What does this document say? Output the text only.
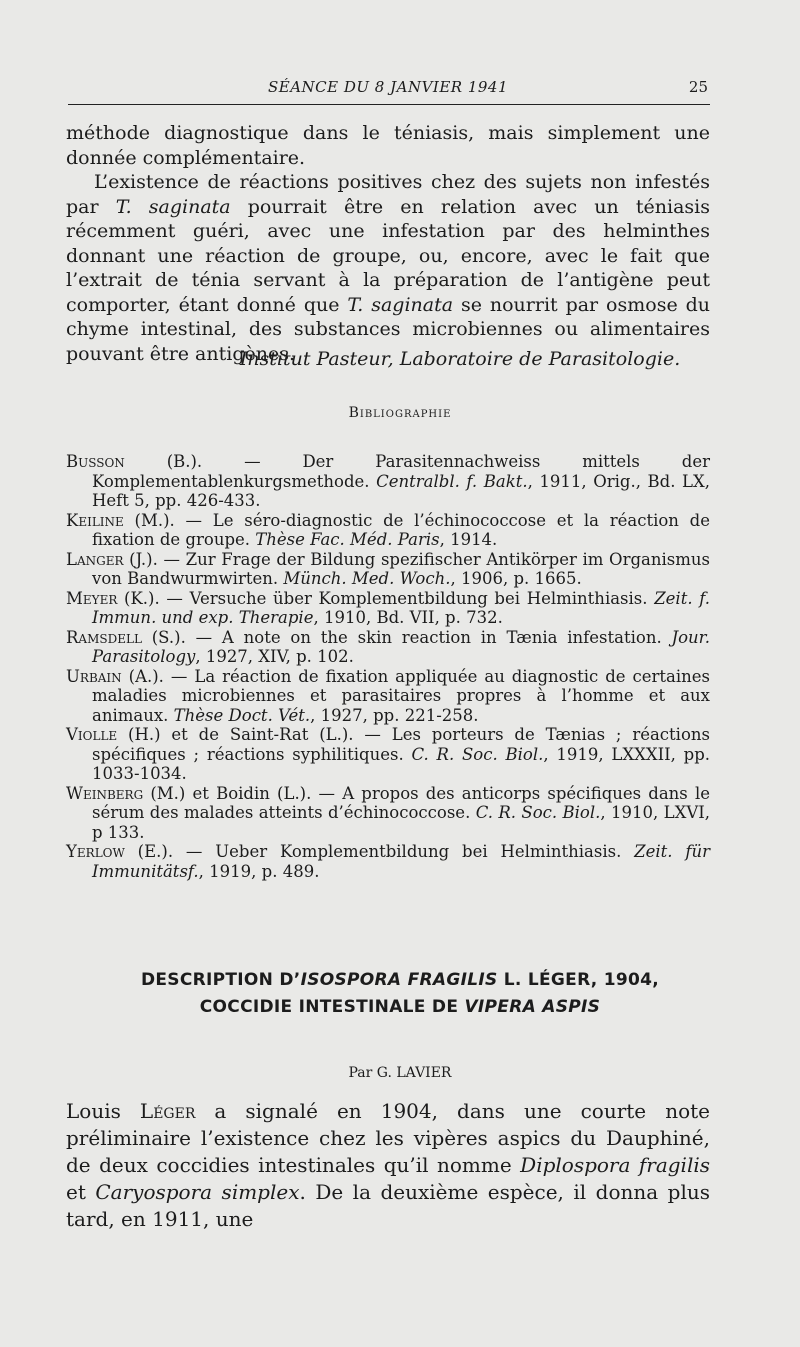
SÉANCE DU 8 JANVIER 1941	25

méthode diagnostique dans le téniasis, mais simplement une donnée complémentaire.

L’existence de réactions positives chez des sujets non infestés par T. saginata pourrait être en relation avec un téniasis récemment guéri, avec une infestation par des helminthes donnant une réaction de groupe, ou, encore, avec le fait que l’extrait de ténia servant à la préparation de l’antigène peut comporter, étant donné que T. saginata se nourrit par osmose du chyme intestinal, des substances microbiennes ou alimentaires pouvant être antigènes.

Institut Pasteur, Laboratoire de Parasitologie.
Bibliographie

Busson (B.). — Der Parasitennachweiss mittels der Komplementablenkurgsmethode. Centralbl. f. Bakt., 1911, Orig., Bd. LX, Heft 5, pp. 426-433.

Keiline (M.). — Le séro-diagnostic de l’échinococcose et la réaction de fixation de groupe. Thèse Fac. Méd. Paris, 1914.

Langer (J.). — Zur Frage der Bildung spezifischer Antikörper im Organismus von Bandwurmwirten. Münch. Med. Woch., 1906, p. 1665.

Meyer (K.). — Versuche über Komplementbildung bei Helminthiasis. Zeit. f. Immun. und exp. Therapie, 1910, Bd. VII, p. 732.

Ramsdell (S.). — A note on the skin reaction in Tænia infestation. Jour. Parasitology, 1927, XIV, p. 102.

Urbain (A.). — La réaction de fixation appliquée au diagnostic de certaines maladies microbiennes et parasitaires propres à l’homme et aux animaux. Thèse Doct. Vét., 1927, pp. 221-258.

Violle (H.) et de Saint-Rat (L.). — Les porteurs de Tænias ; réactions spécifiques ; réactions syphilitiques. C. R. Soc. Biol., 1919, LXXXII, pp. 1033-1034.

Weinberg (M.) et Boidin (L.). — A propos des anticorps spécifiques dans le sérum des malades atteints d’échinococcose. C. R. Soc. Biol., 1910, LXVI, p 133.

Yerlow (E.). — Ueber Komplementbildung bei Helminthiasis. Zeit. für Immunitätsf., 1919, p. 489.

DESCRIPTION D’ISOSPORA FRAGILIS L. LÉGER, 1904,
COCCIDIE INTESTINALE DE VIPERA ASPIS
Par G. LAVIER
Louis Léger a signalé en 1904, dans une courte note préliminaire l’existence chez les vipères aspics du Dauphiné, de deux coccidies intestinales qu’il nomme Diplospora fragilis et Caryospora simplex. De la deuxième espèce, il donna plus tard, en 1911, une
